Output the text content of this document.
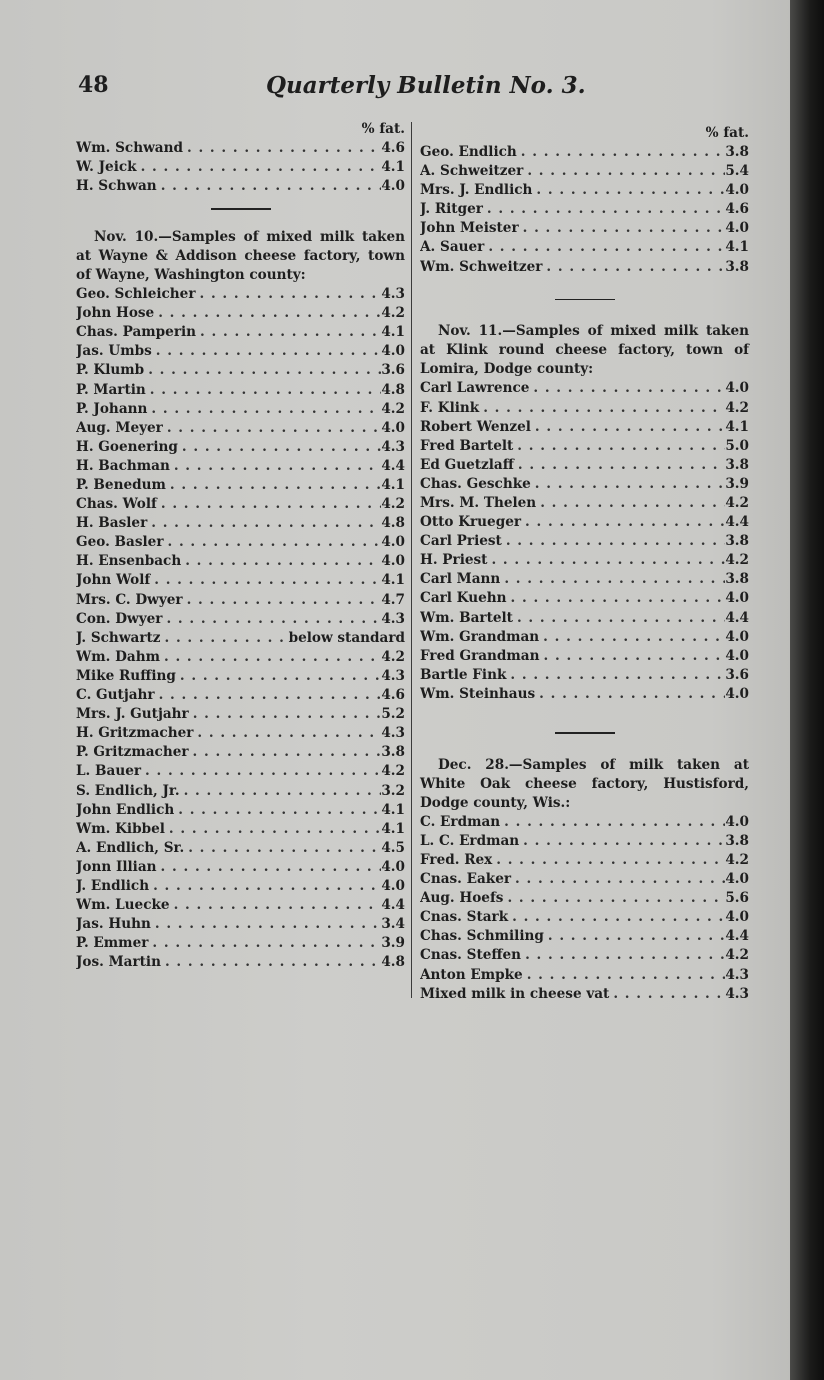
48	Quarterly Bulletin No. 3.
% fat.
Wm. Schwand . . .	4.6
W. Jeick . . .	4.1
H. Schwan . . .	4.0
Nov. 10.—Samples of mixed milk taken at Wayne & Addison cheese factory, town of Wayne, Washington county:
Geo. Schleicher . . .	4.3
John Hose . . .	4.2
Chas. Pamperin . . .	4.1
Jas. Umbs . . .	4.0
P. Klumb . . .	3.6
P. Martin . . .	4.8
P. Johann . . .	4.2
Aug. Meyer . . .	4.0
H. Goenering . . .	4.3
H. Bachman . . .	4.4
P. Benedum . . .	4.1
Chas. Wolf . . .	4.2
H. Basler . . .	4.8
Geo. Basler . . .	4.0
H. Ensenbach . . .	4.0
John Wolf . . .	4.1
Mrs. C. Dwyer . . .	4.7
Con. Dwyer . . .	4.3
J. Schwartz . . .	below standard
Wm. Dahm . . .	4.2
Mike Ruffing . . .	4.3
C. Gutjahr . . .	4.6
Mrs. J. Gutjahr . . .	5.2
H. Gritzmacher . . .	4.3
P. Gritzmacher . . .	3.8
L. Bauer . . .	4.2
S. Endlich, Jr. . . .	3.2
John Endlich . . .	4.1
Wm. Kibbel . . .	4.1
A. Endlich, Sr. . . .	4.5
Jonn Illian . . .	4.0
J. Endlich . . .	4.0
Wm. Luecke . . .	4.4
Jas. Huhn . . .	3.4
P. Emmer . . .	3.9
Jos. Martin . . .	4.8
% fat.
Geo. Endlich . . .	3.8
A. Schweitzer . . .	5.4
Mrs. J. Endlich . . .	4.0
J. Ritger . . .	4.6
John Meister . . .	4.0
A. Sauer . . .	4.1
Wm. Schweitzer . . .	3.8
Nov. 11.—Samples of mixed milk taken at Klink round cheese factory, town of Lomira, Dodge county:
Carl Lawrence . . .	4.0
F. Klink . . .	4.2
Robert Wenzel . . .	4.1
Fred Bartelt . . .	5.0
Ed Guetzlaff . . .	3.8
Chas. Geschke . . .	3.9
Mrs. M. Thelen . . .	4.2
Otto Krueger . . .	4.4
Carl Priest . . .	3.8
H. Priest . . .	4.2
Carl Mann . . .	3.8
Carl Kuehn . . .	4.0
Wm. Bartelt . . .	4.4
Wm. Grandman . . .	4.0
Fred Grandman . . .	4.0
Bartle Fink . . .	3.6
Wm. Steinhaus . . .	4.0
Dec. 28.—Samples of milk taken at White Oak cheese factory, Hustisford, Dodge county, Wis.:
C. Erdman . . .	4.0
L. C. Erdman . . .	3.8
Fred. Rex . . .	4.2
Cnas. Eaker . . .	4.0
Aug. Hoefs . . .	5.6
Cnas. Stark . . .	4.0
Chas. Schmiling . . .	4.4
Cnas. Steffen . . .	4.2
Anton Empke . . .	4.3
Mixed milk in cheese vat . . .	4.3
